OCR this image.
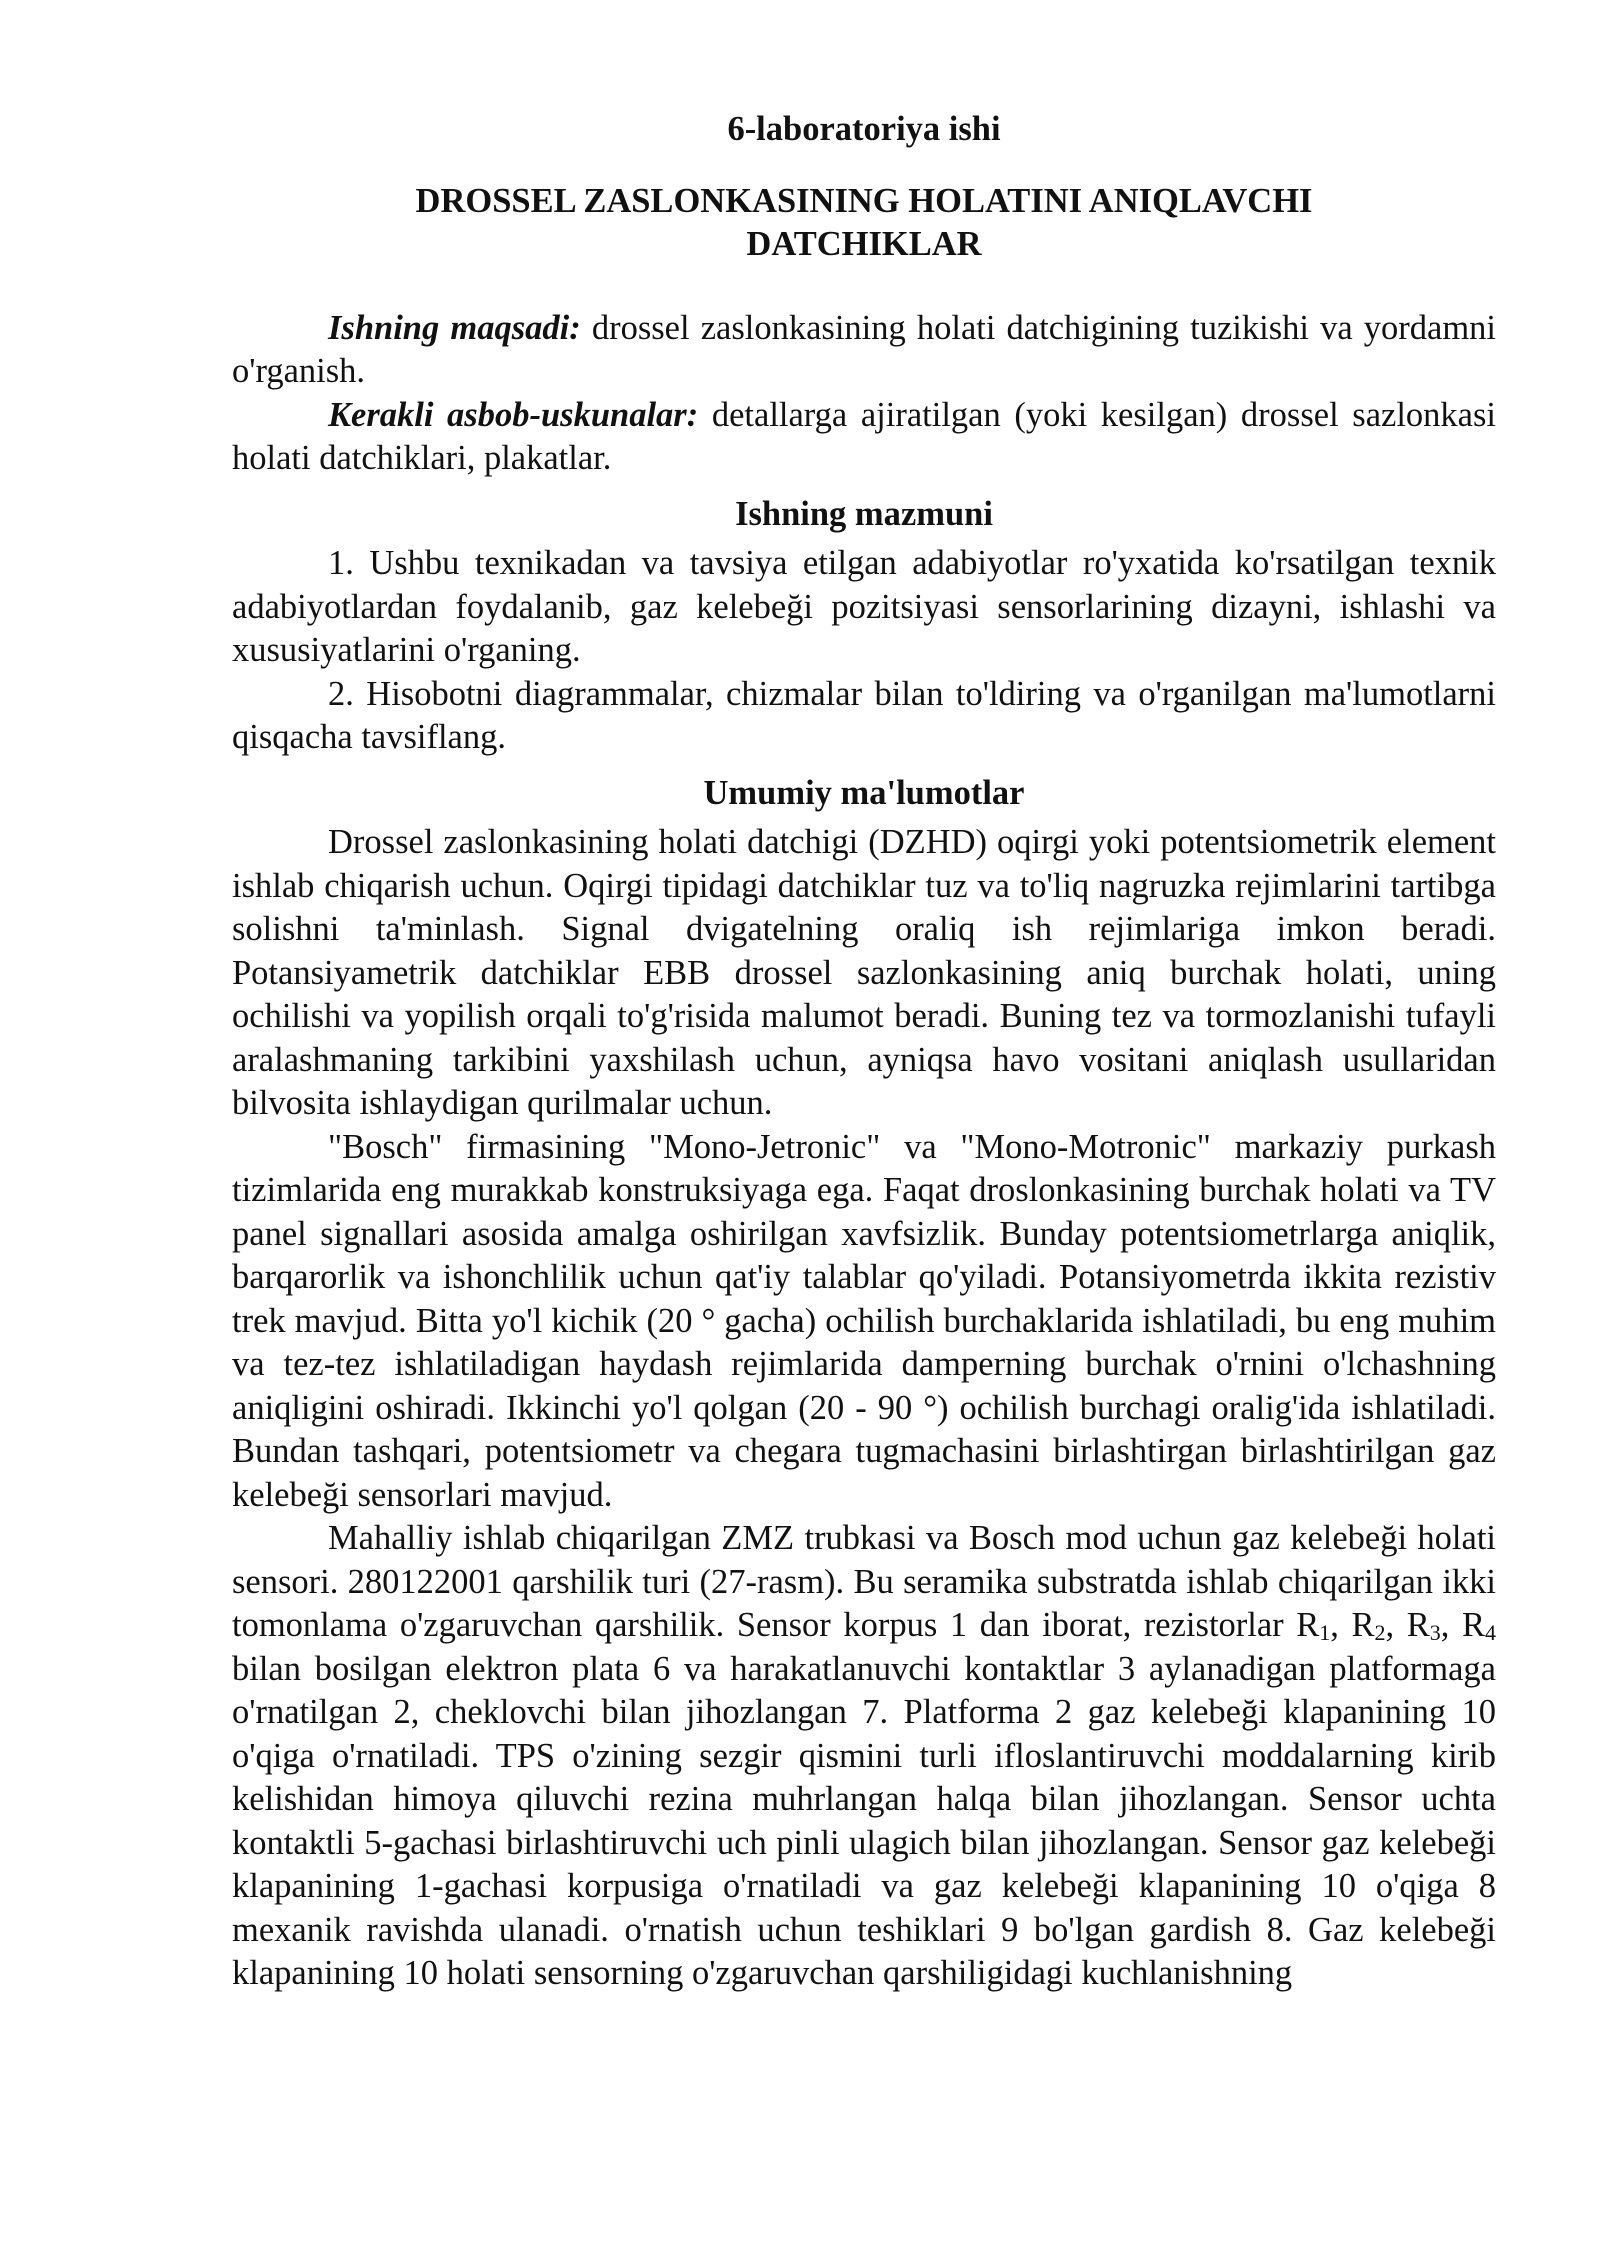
6-laboratoriya ishi
DROSSEL ZASLONKASINING HOLATINI ANIQLAVCHI
DATCHIKLAR

Ishning maqsadi: drossel zaslonkasining holati datchigining tuzikishi va yordamni o'rganish.

Kerakli asbob-uskunalar: detallarga ajiratilgan (yoki kesilgan) drossel sazlonkasi holati datchiklari, plakatlar.

Ishning mazmuni

1. Ushbu texnikadan va tavsiya etilgan adabiyotlar ro'yxatida ko'rsatilgan texnik adabiyotlardan foydalanib, gaz kelebeği pozitsiyasi sensorlarining dizayni, ishlashi va xususiyatlarini o'rganing.

2. Hisobotni diagrammalar, chizmalar bilan to'ldiring va o'rganilgan ma'lumotlarni qisqacha tavsiflang.

Umumiy ma'lumotlar

Drossel zaslonkasining holati datchigi (DZHD) oqirgi yoki potentsiometrik element ishlab chiqarish uchun. Oqirgi tipidagi datchiklar tuz va to'liq nagruzka rejimlarini tartibga solishni ta'minlash. Signal dvigatelning oraliq ish rejimlariga imkon beradi. Potansiyametrik datchiklar EBB drossel sazlonkasining aniq burchak holati, uning ochilishi va yopilish orqali to'g'risida malumot beradi. Buning tez va tormozlanishi tufayli aralashmaning tarkibini yaxshilash uchun, ayniqsa havo vositani aniqlash usullaridan bilvosita ishlaydigan qurilmalar uchun.

"Bosch" firmasining "Mono-Jetronic" va "Mono-Motronic" markaziy purkash tizimlarida eng murakkab konstruksiyaga ega. Faqat droslonkasining burchak holati va TV panel signallari asosida amalga oshirilgan xavfsizlik. Bunday potentsiometrlarga aniqlik, barqarorlik va ishonchlilik uchun qat'iy talablar qo'yiladi. Potansiyometrda ikkita rezistiv trek mavjud. Bitta yo'l kichik (20 ° gacha) ochilish burchaklarida ishlatiladi, bu eng muhim va tez-tez ishlatiladigan haydash rejimlarida damperning burchak o'rnini o'lchashning aniqligini oshiradi. Ikkinchi yo'l qolgan (20 - 90 °) ochilish burchagi oralig'ida ishlatiladi. Bundan tashqari, potentsiometr va chegara tugmachasini birlashtirgan birlashtirilgan gaz kelebeği sensorlari mavjud.

Mahalliy ishlab chiqarilgan ZMZ trubkasi va Bosch mod uchun gaz kelebeği holati sensori. 280122001 qarshilik turi (27-rasm). Bu seramika substratda ishlab chiqarilgan ikki tomonlama o'zgaruvchan qarshilik. Sensor korpus 1 dan iborat, rezistorlar $R_1$, $R_2$, $R_3$, $R_4$ bilan bosilgan elektron plata 6 va harakatlanuvchi kontaktlar 3 aylanadigan platformaga o'rnatilgan 2, cheklovchi bilan jihozlangan 7. Platforma 2 gaz kelebeği klapanining 10 o'qiga o'rnatiladi. TPS o'zining sezgir qismini turli ifloslantiruvchi moddalarning kirib kelishidan himoya qiluvchi rezina muhrlangan halqa bilan jihozlangan. Sensor uchta kontaktli 5-gachasi birlashtiruvchi uch pinli ulagich bilan jihozlangan. Sensor gaz kelebeği klapanining 1-gachasi korpusiga o'rnatiladi va gaz kelebeği klapanining 10 o'qiga 8 mexanik ravishda ulanadi. o'rnatish uchun teshiklari 9 bo'lgan gardish 8. Gaz kelebeği klapanining 10 holati sensorning o'zgaruvchan qarshiligidagi kuchlanishning
